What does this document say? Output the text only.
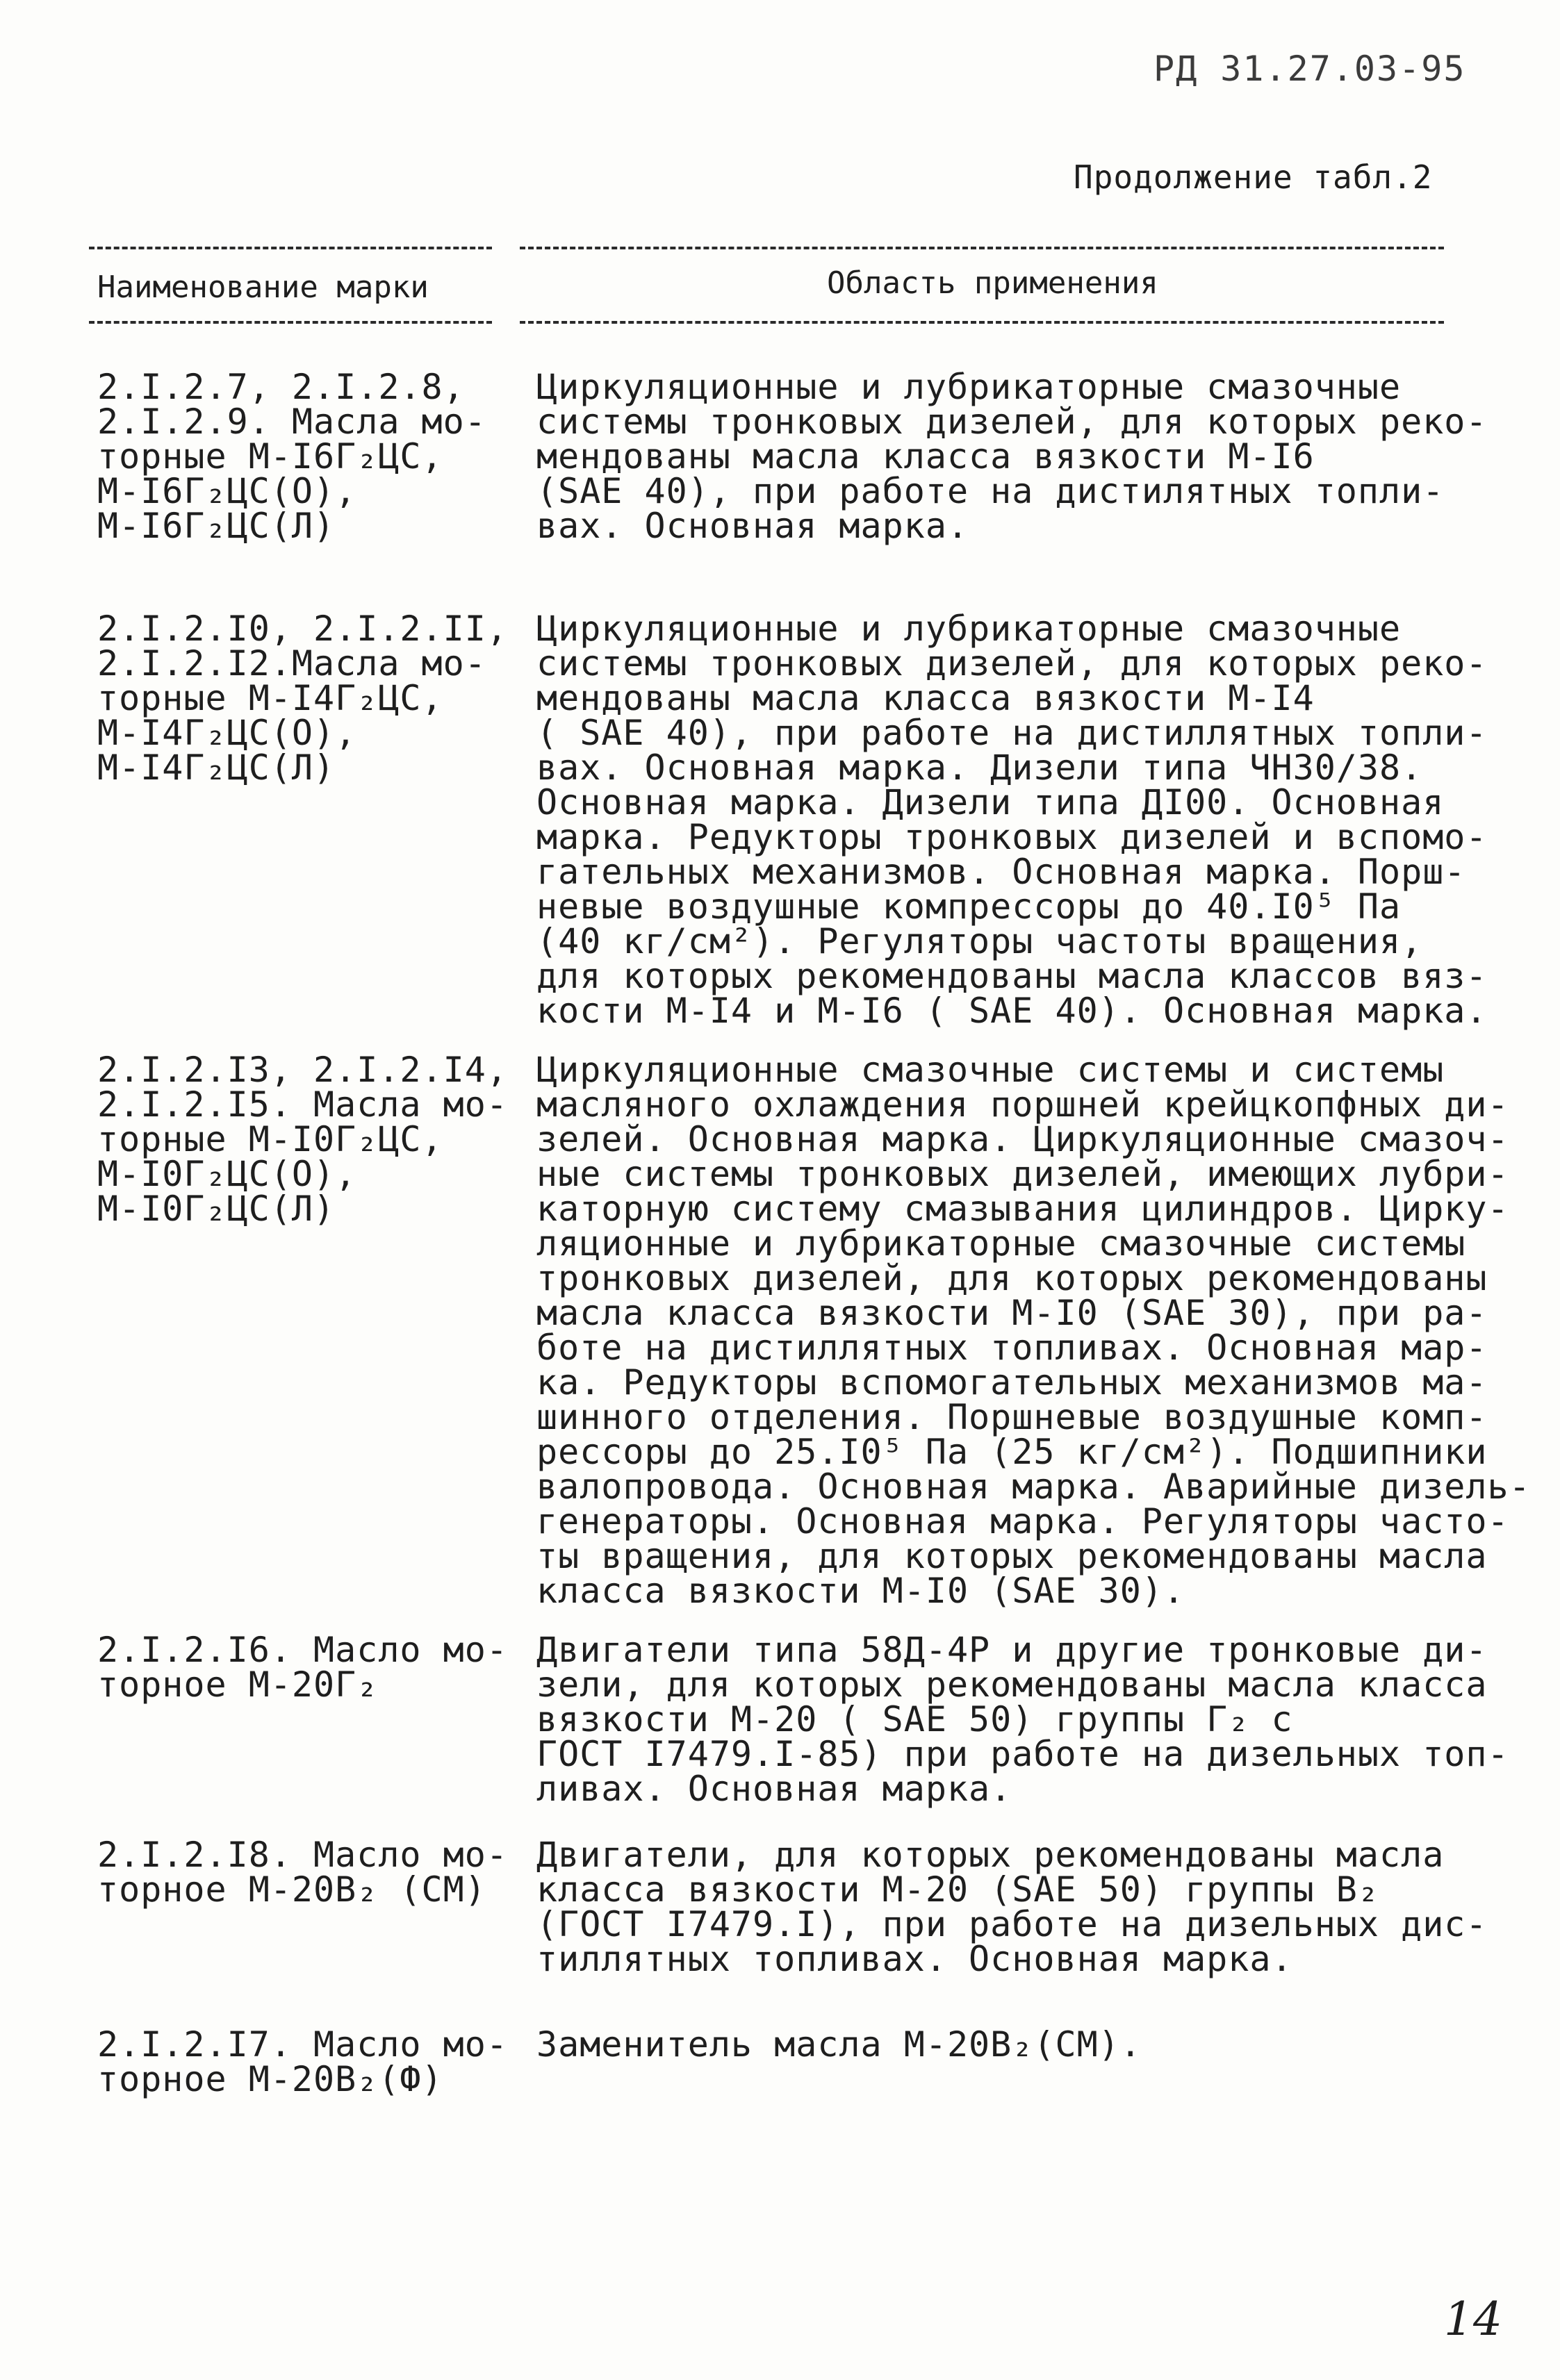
РД 31.27.03-95
Продолжение табл.2
Наименование марки	Область применения
2.I.2.7, 2.I.2.8,
2.I.2.9. Масла мо-
торные М-I6Г₂ЦС,
М-I6Г₂ЦС(О),
М-I6Г₂ЦС(Л)
Циркуляционные и лубрикаторные смазочные
системы тронковых дизелей, для которых реко-
мендованы масла класса вязкости М-I6
(SAE 40), при работе на дистилятных топли-
вах. Основная марка.
2.I.2.I0, 2.I.2.II,
2.I.2.I2.Масла мо-
торные М-I4Г₂ЦС,
М-I4Г₂ЦС(О),
М-I4Г₂ЦС(Л)
Циркуляционные и лубрикаторные смазочные
системы тронковых дизелей, для которых реко-
мендованы масла класса вязкости М-I4
( SAE 40), при работе на дистиллятных топли-
вах. Основная марка. Дизели типа ЧН30/38.
Основная марка. Дизели типа ДI00. Основная
марка. Редукторы тронковых дизелей и вспомо-
гательных механизмов. Основная марка. Порш-
невые воздушные компрессоры до 40.I0⁵ Па
(40 кг/см²). Регуляторы частоты вращения,
для которых рекомендованы масла классов вяз-
кости М-I4 и М-I6 ( SAE 40). Основная марка.
2.I.2.I3, 2.I.2.I4,
2.I.2.I5. Масла мо-
торные М-I0Г₂ЦС,
М-I0Г₂ЦС(О),
М-I0Г₂ЦС(Л)
Циркуляционные смазочные системы и системы
масляного охлаждения поршней крейцкопфных ди-
зелей. Основная марка. Циркуляционные смазоч-
ные системы тронковых дизелей, имеющих лубри-
каторную систему смазывания цилиндров. Цирку-
ляционные и лубрикаторные смазочные системы
тронковых дизелей, для которых рекомендованы
масла класса вязкости М-I0 (SAE 30), при ра-
боте на дистиллятных топливах. Основная мар-
ка. Редукторы вспомогательных механизмов ма-
шинного отделения. Поршневые воздушные комп-
рессоры до 25.I0⁵ Па (25 кг/см²). Подшипники
валопровода. Основная марка. Аварийные дизель-
генераторы. Основная марка. Регуляторы часто-
ты вращения, для которых рекомендованы масла
класса вязкости М-I0 (SAE 30).
2.I.2.I6. Масло мо-
торное М-20Г₂
Двигатели типа 58Д-4Р и другие тронковые ди-
зели, для которых рекомендованы масла класса
вязкости М-20 ( SAE 50) группы Г₂ с
ГОСТ I7479.I-85) при работе на дизельных топ-
ливах. Основная марка.
2.I.2.I8. Масло мо-
торное М-20В₂ (СМ)
Двигатели, для которых рекомендованы масла
класса вязкости М-20 (SAE 50) группы В₂
(ГОСТ I7479.I), при работе на дизельных дис-
тиллятных топливах. Основная марка.
2.I.2.I7. Масло мо-
торное М-20В₂(Ф)
Заменитель масла М-20В₂(СМ).
14
